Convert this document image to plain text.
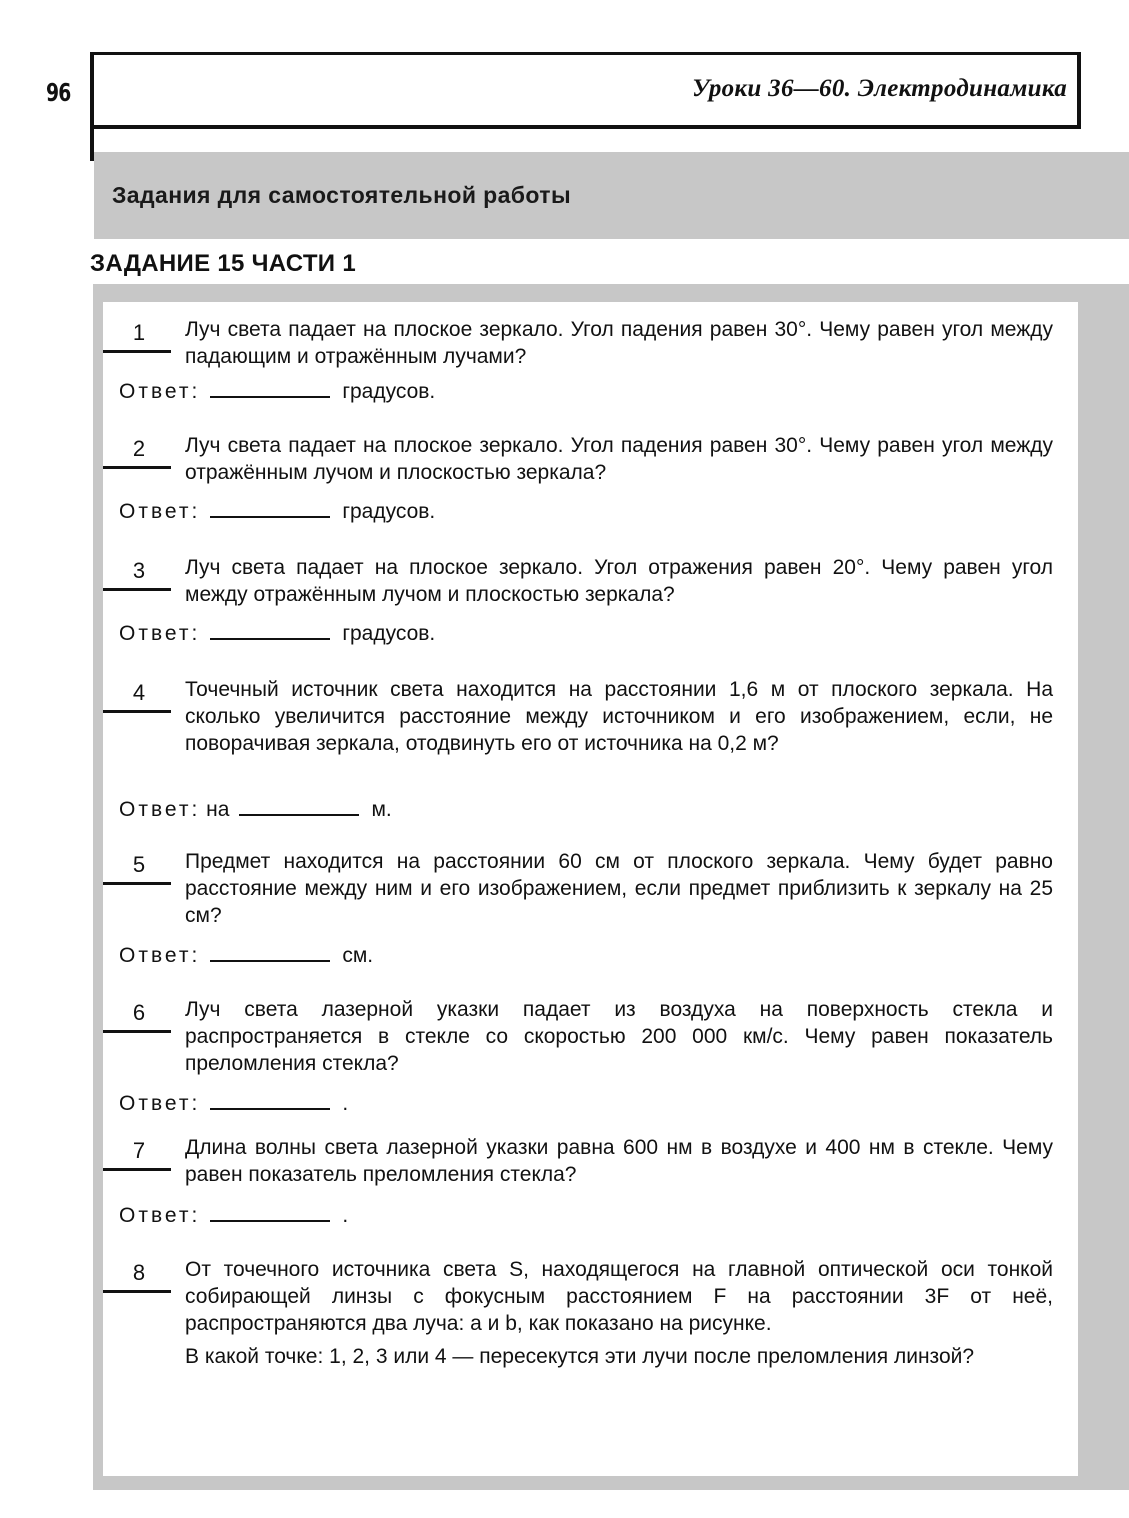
96	Уроки 36—60. Электродинамика
Задания для самостоятельной работы
ЗАДАНИЕ 15 ЧАСТИ 1
1	Луч света падает на плоское зеркало. Угол падения равен 30°. Чему равен угол между падающим и отражённым лучами?
Ответ:	градусов.
2	Луч света падает на плоское зеркало. Угол падения равен 30°. Чему равен угол между отражённым лучом и плоскостью зеркала?
Ответ:	градусов.
3	Луч света падает на плоское зеркало. Угол отражения равен 20°. Чему равен угол между отражённым лучом и плоскостью зеркала?
Ответ:	градусов.
4	Точечный источник света находится на расстоянии 1,6 м от плоского зеркала. На сколько увеличится расстояние между источником и его изображением, если, не поворачивая зеркала, отодвинуть его от источника на 0,2 м?
Ответ: на	м.
5	Предмет находится на расстоянии 60 см от плоского зеркала. Чему будет равно расстояние между ним и его изображением, если предмет приблизить к зеркалу на 25 см?
Ответ:	см.
6	Луч света лазерной указки падает из воздуха на поверхность стекла и распространяется в стекле со скоростью 200 000 км/с. Чему равен показатель преломления стекла?
Ответ:	.
7	Длина волны света лазерной указки равна 600 нм в воздухе и 400 нм в стекле. Чему равен показатель преломления стекла?
Ответ:	.
8	От точечного источника света S, находящегося на главной оптической оси тонкой собирающей линзы с фокусным расстоянием F на расстоянии 3F от неё, распространяются два луча: a и b, как показано на рисунке.
В какой точке: 1, 2, 3 или 4 — пересекутся эти лучи после преломления линзой?
